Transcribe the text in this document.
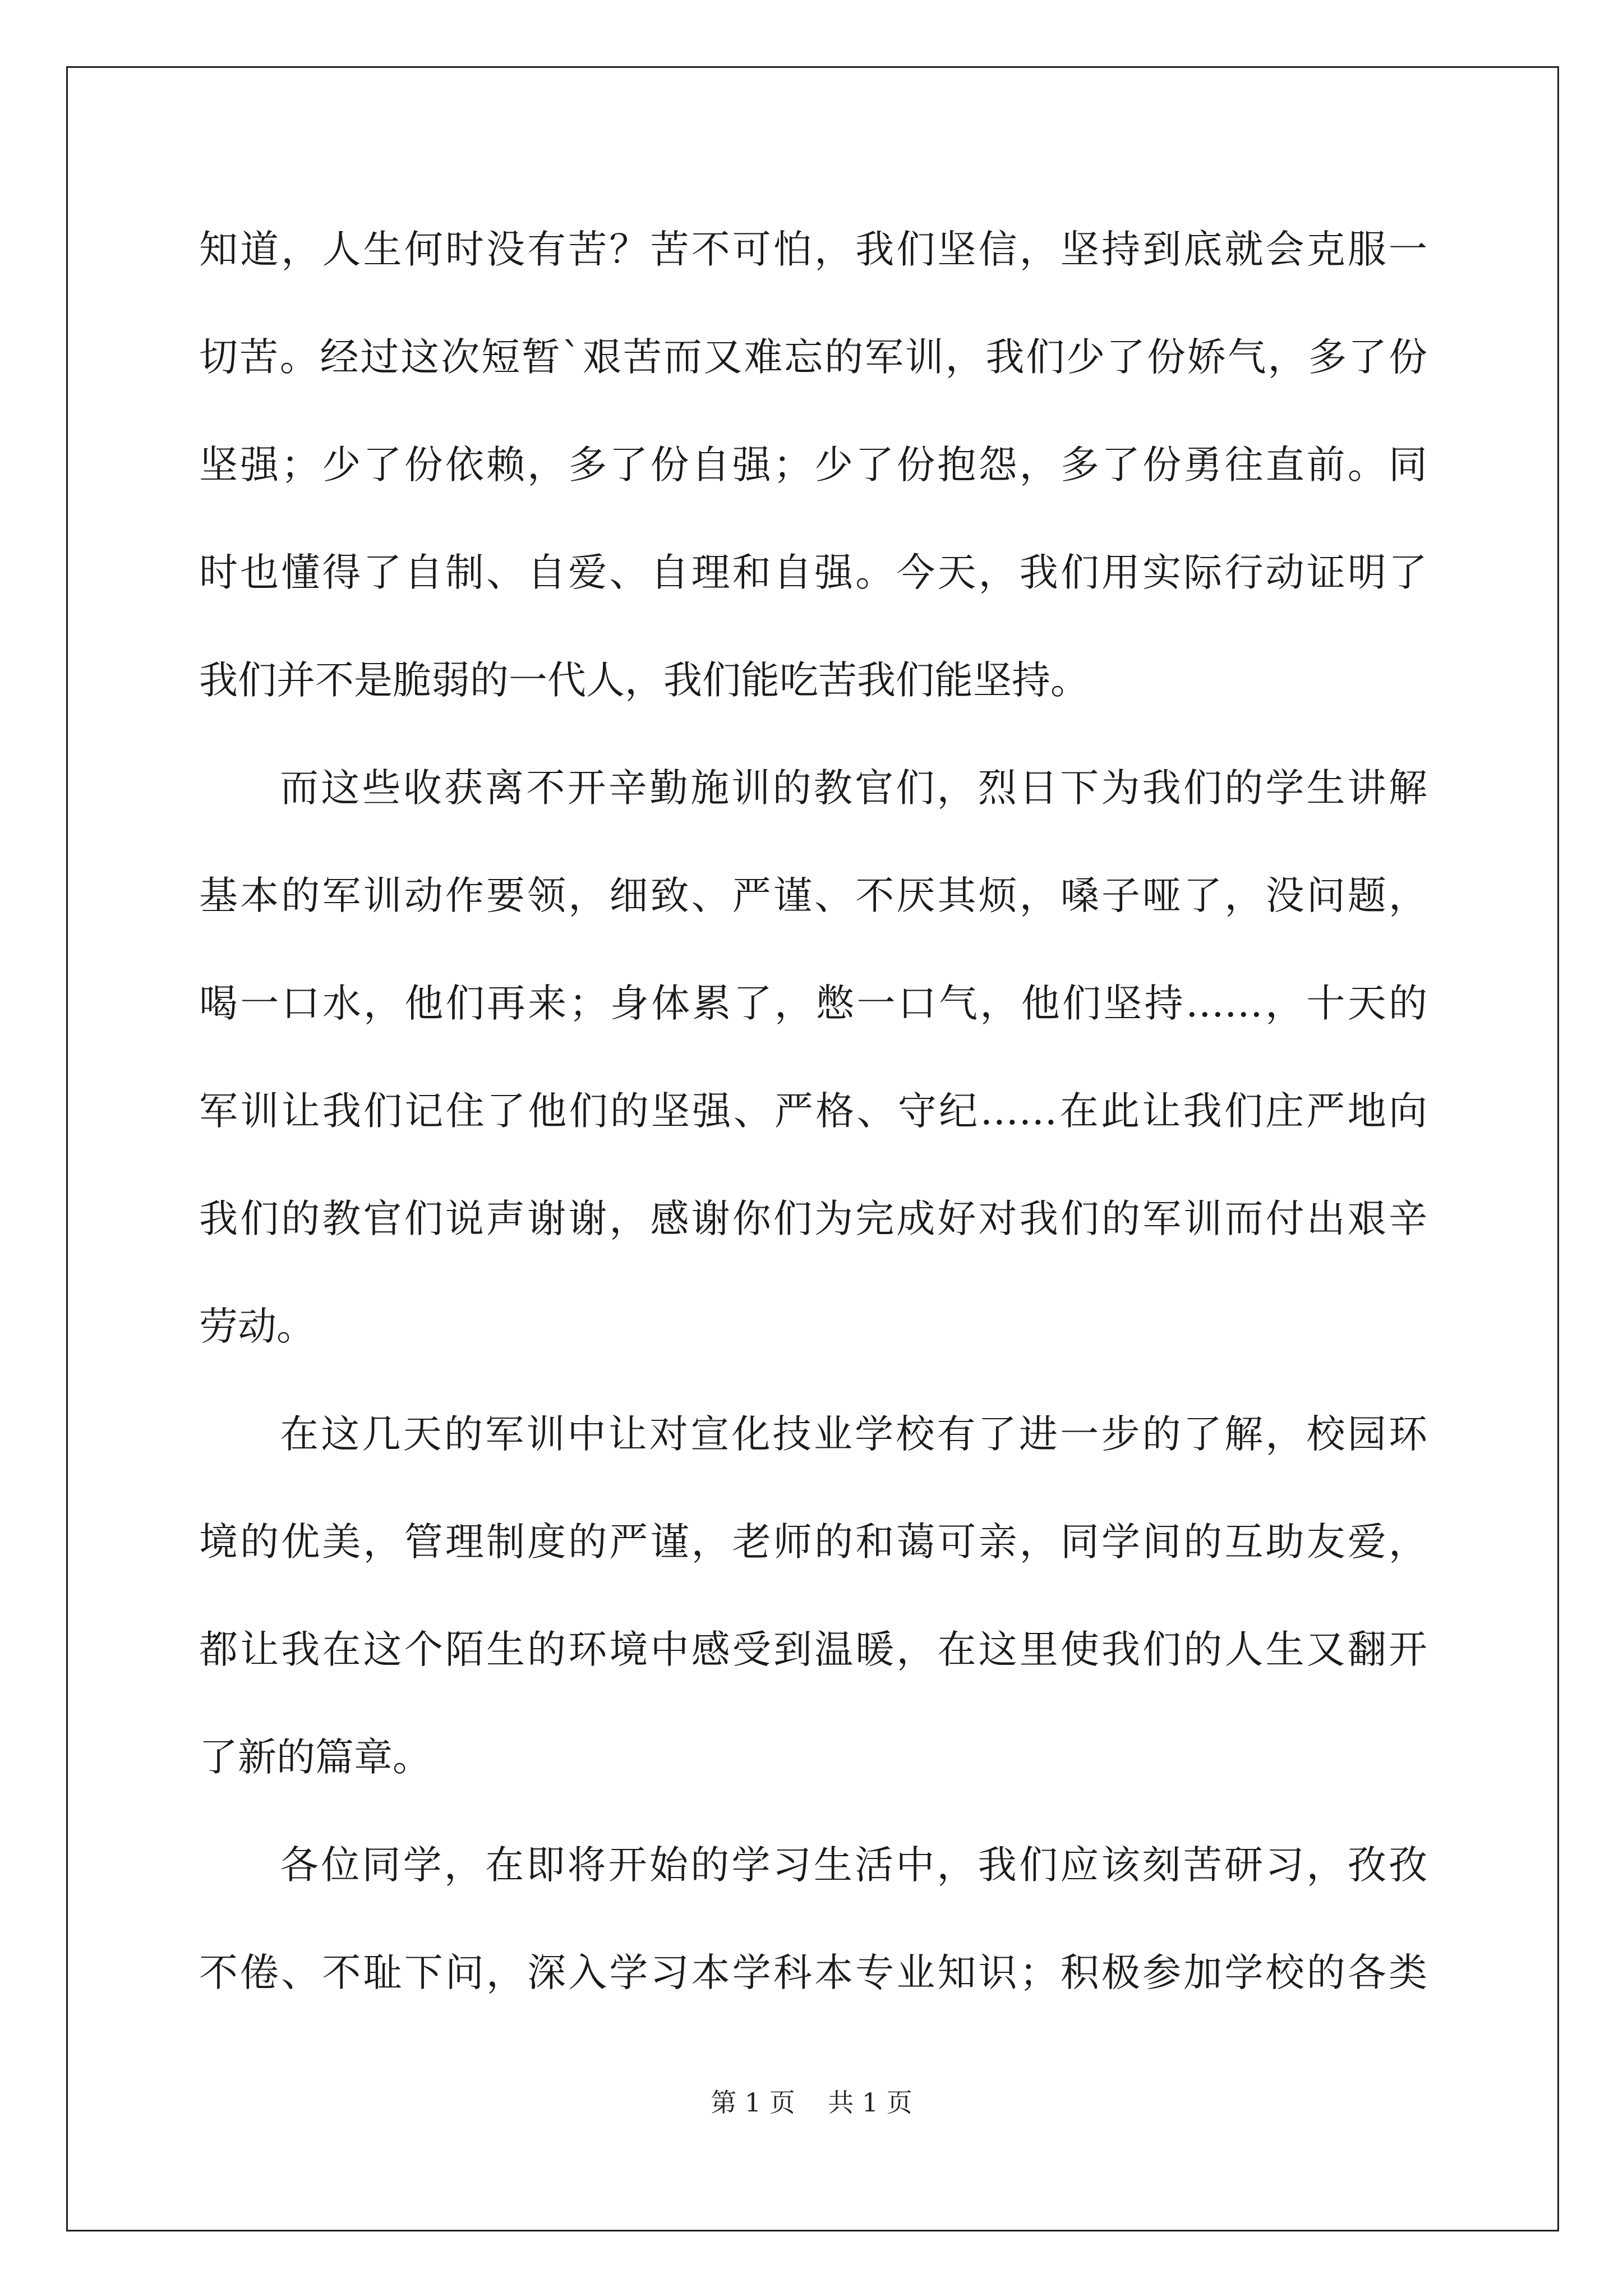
知道，人生何时没有苦？苦不可怕，我们坚信，坚持到底就会克服一
切苦。经过这次短暂`艰苦而又难忘的军训，我们少了份娇气，多了份
坚强；少了份依赖，多了份自强；少了份抱怨，多了份勇往直前。同
时也懂得了自制、自爱、自理和自强。今天，我们用实际行动证明了
我们并不是脆弱的一代人，我们能吃苦我们能坚持。
而这些收获离不开辛勤施训的教官们，烈日下为我们的学生讲解
基本的军训动作要领，细致、严谨、不厌其烦，嗓子哑了，没问题，
喝一口水，他们再来；身体累了，憋一口气，他们坚持……，十天的
军训让我们记住了他们的坚强、严格、守纪……在此让我们庄严地向
我们的教官们说声谢谢，感谢你们为完成好对我们的军训而付出艰辛
劳动。
在这几天的军训中让对宣化技业学校有了进一步的了解，校园环
境的优美，管理制度的严谨，老师的和蔼可亲，同学间的互助友爱，
都让我在这个陌生的环境中感受到温暖，在这里使我们的人生又翻开
了新的篇章。
各位同学，在即将开始的学习生活中，我们应该刻苦研习，孜孜
不倦、不耻下问，深入学习本学科本专业知识；积极参加学校的各类
第 1 页    共 1 页
